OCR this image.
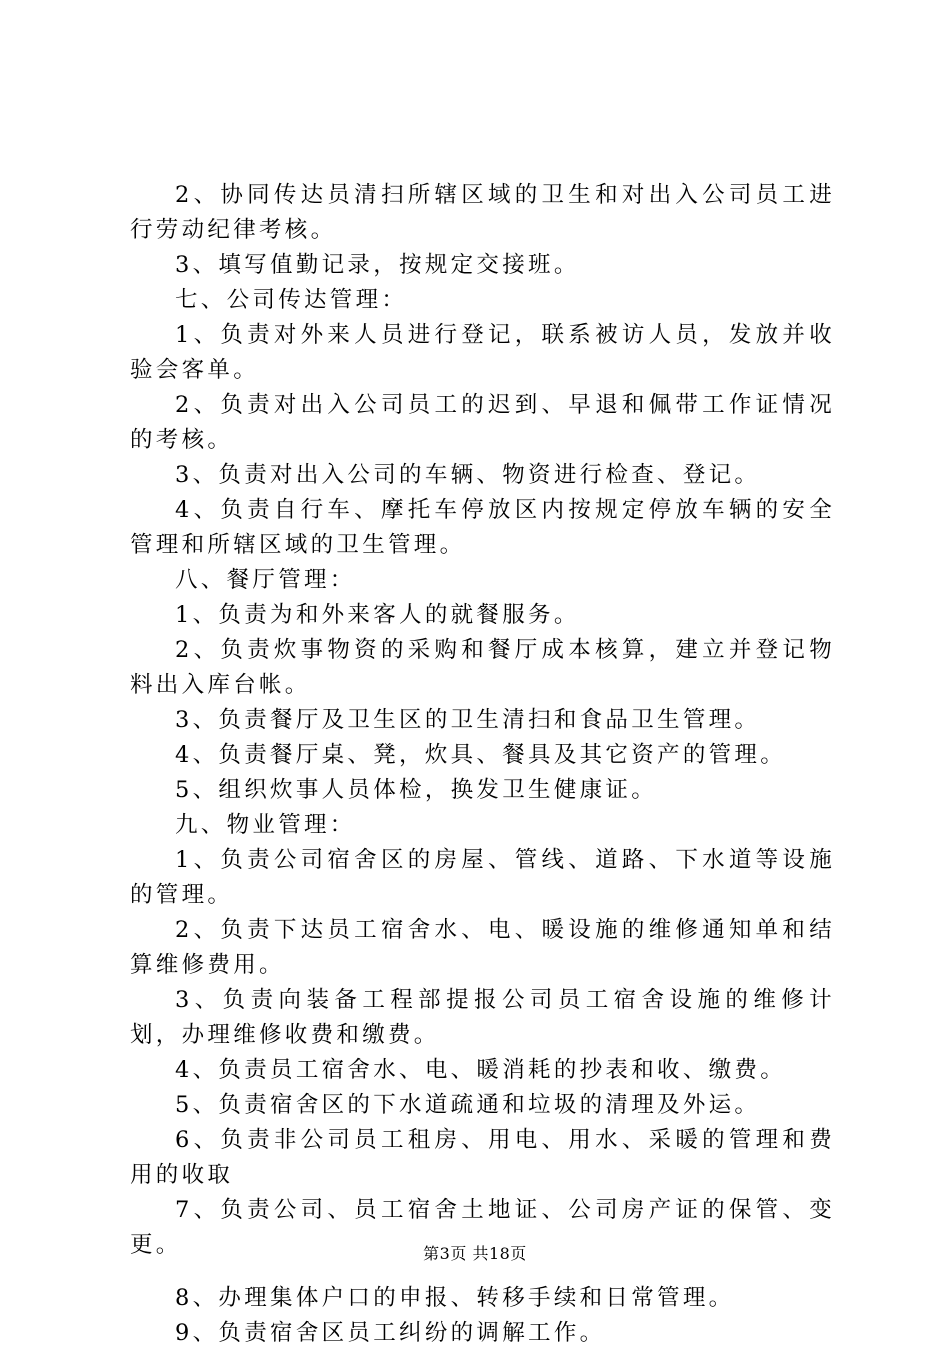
2、协同传达员清扫所辖区域的卫生和对出入公司员工进行劳动纪律考核。

3、填写值勤记录，按规定交接班。

七、公司传达管理：

1、负责对外来人员进行登记，联系被访人员，发放并收验会客单。

2、负责对出入公司员工的迟到、早退和佩带工作证情况的考核。

3、负责对出入公司的车辆、物资进行检查、登记。

4、负责自行车、摩托车停放区内按规定停放车辆的安全管理和所辖区域的卫生管理。

八、餐厅管理：

1、负责为和外来客人的就餐服务。

2、负责炊事物资的采购和餐厅成本核算，建立并登记物料出入库台帐。

3、负责餐厅及卫生区的卫生清扫和食品卫生管理。

4、负责餐厅桌、凳，炊具、餐具及其它资产的管理。

5、组织炊事人员体检，换发卫生健康证。

九、物业管理：

1、负责公司宿舍区的房屋、管线、道路、下水道等设施的管理。

2、负责下达员工宿舍水、电、暖设施的维修通知单和结算维修费用。

3、负责向装备工程部提报公司员工宿舍设施的维修计划，办理维修收费和缴费。

4、负责员工宿舍水、电、暖消耗的抄表和收、缴费。

5、负责宿舍区的下水道疏通和垃圾的清理及外运。

6、负责非公司员工租房、用电、用水、采暖的管理和费用的收取

7、负责公司、员工宿舍土地证、公司房产证的保管、变更。

8、办理集体户口的申报、转移手续和日常管理。

9、负责宿舍区员工纠纷的调解工作。

第3页 共18页
